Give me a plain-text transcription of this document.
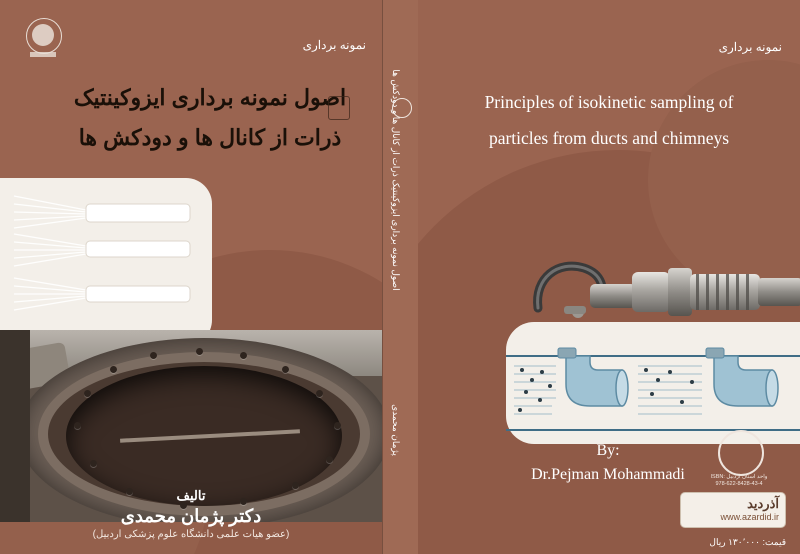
نمونه برداری
تالیف
دکتر پژمان محمدی
(عضو هیات علمی دانشگاه علوم پزشکی اردبیل)
اصول نمونه برداری ایزوکینتیک ذرات از کانال ها و دودکش ها
پژمان محمدی
نمونه برداری
Principles of isokinetic sampling of
particles from ducts and chimneys
By:
Dr.Pejman Mohammadi	واحد استان اردبیل ISBN: 978-622-8428-43-4
آذردید
www.azardid.ir
قیمت: ۱۳۰٬۰۰۰ ریال
اصول نمونه برداری ایزوکینتیک
ذرات از کانال ها و دودکش ها
